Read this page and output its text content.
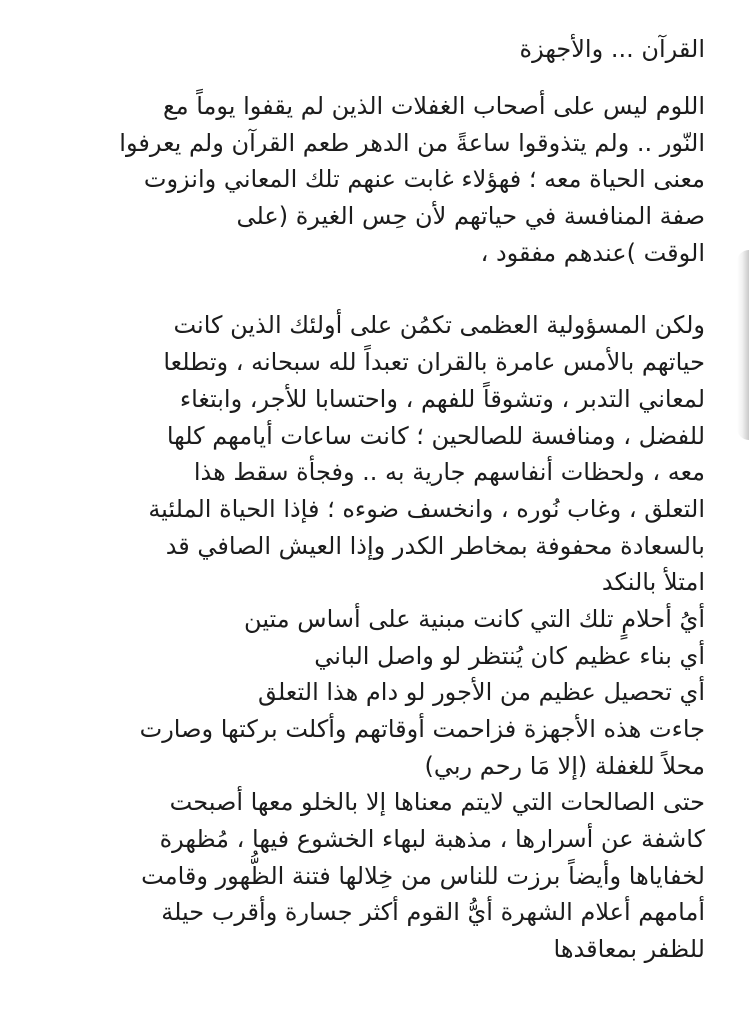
القرآن ... والأجهزة
اللوم ليس على أصحاب الغفلات الذين لم يقفوا يوماً مع
النّور .. ولم يتذوقوا ساعةً من الدهر طعم القرآن ولم يعرفوا
معنى الحياة معه ؛ فهؤلاء غابت عنهم تلك المعاني وانزوت
صفة المنافسة في حياتهم لأن حِس الغيرة (على
الوقت )عندهم مفقود ،
ولكن المسؤولية العظمى تكمُن على أولئك الذين كانت
حياتهم بالأمس عامرة بالقران تعبداً لله سبحانه ، وتطلعا
لمعاني التدبر ، وتشوقاً للفهم ، واحتسابا للأجر، وابتغاء
للفضل ، ومنافسة للصالحين ؛ كانت ساعات أيامهم كلها
معه ، ولحظات أنفاسهم جارية به .. وفجأة سقط هذا
التعلق ، وغاب نُوره ، وانخسف ضوءه ؛ فإذا الحياة الملئية
بالسعادة محفوفة بمخاطر الكدر وإذا العيش الصافي قد
امتلأ بالنكد
أيُ أحلامٍ تلك التي كانت مبنية على أساس متين
أي بناء عظيم كان يُنتظر لو واصل الباني
أي تحصيل عظيم من الأجور لو دام هذا التعلق
جاءت هذه الأجهزة فزاحمت أوقاتهم وأكلت بركتها وصارت
محلاً للغفلة (إلا مَا رحم ربي)
حتى الصالحات التي لايتم معناها إلا بالخلو معها أصبحت
كاشفة عن أسرارها ، مذهبة لبهاء الخشوع فيها ، مُظهرة
لخفاياها وأيضاً برزت للناس من خِلالها فتنة الظُّهور وقامت
أمامهم أعلام الشهرة أيُّ القوم أكثر جسارة وأقرب حيلة
للظفر بمعاقدها
